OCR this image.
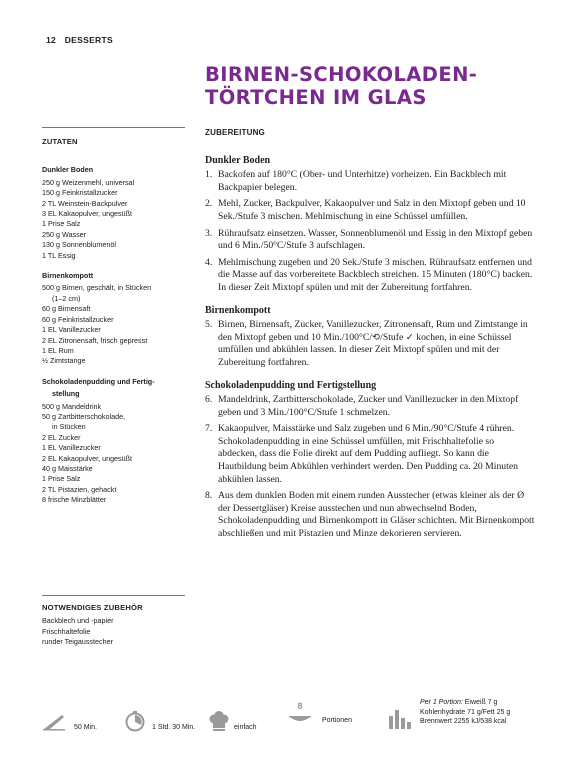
12 DESSERTS
BIRNEN-SCHOKOLADEN-
TÖRTCHEN IM GLAS
ZUTATEN
Dunkler Boden
250 g Weizenmehl, universal
150 g Feinkristallzucker
2 TL Weinstein-Backpulver
3 EL Kakaopulver, ungesüßt
1 Prise Salz
250 g Wasser
130 g Sonnenblumenöl
1 TL Essig
Birnenkompott
500 g Birnen, geschält, in Stücken
(1–2 cm)
60 g Birnensaft
60 g Feinkristallzucker
1 EL Vanillezucker
2 EL Zitronensaft, frisch gepresst
1 EL Rum
½ Zimtstange
Schokoladenpudding und Fertig-
stellung
500 g Mandeldrink
50 g Zartbitterschokolade,
in Stücken
2 EL Zucker
1 EL Vanillezucker
2 EL Kakaopulver, ungesüßt
40 g Maisstärke
1 Prise Salz
2 TL Pistazien, gehackt
8 frische Minzblätter
NOTWENDIGES ZUBEHÖR
Backblech und -papier
Frischhaltefolie
runder Teigausstecher
ZUBEREITUNG
Dunkler Boden
1. Backofen auf 180°C (Ober- und Unterhitze) vorheizen. Ein Backblech mit Backpapier belegen.
2. Mehl, Zucker, Backpulver, Kakaopulver und Salz in den Mixtopf geben und 10 Sek./Stufe 3 mischen. Mehlmischung in eine Schüssel umfüllen.
3. Rühraufsatz einsetzen. Wasser, Sonnenblumenöl und Essig in den Mixtopf geben und 6 Min./50°C/Stufe 3 aufschlagen.
4. Mehlmischung zugeben und 20 Sek./Stufe 3 mischen. Rühraufsatz entfernen und die Masse auf das vorbereitete Backblech streichen. 15 Minuten (180°C) backen. In dieser Zeit Mixtopf spülen und mit der Zubereitung fortfahren.
Birnenkompott
5. Birnen, Birnensaft, Zucker, Vanillezucker, Zitronensaft, Rum und Zimtstange in den Mixtopf geben und 10 Min./100°C/⟲/Stufe ✓ kochen, in eine Schüssel umfüllen und abkühlen lassen. In dieser Zeit Mixtopf spülen und mit der Zubereitung fortfahren.
Schokoladenpudding und Fertigstellung
6. Mandeldrink, Zartbitterschokolade, Zucker und Vanillezucker in den Mixtopf geben und 3 Min./100°C/Stufe 1 schmelzen.
7. Kakaopulver, Maisstärke und Salz zugeben und 6 Min./90°C/Stufe 4 rühren. Schokoladenpudding in eine Schüssel umfüllen, mit Frischhaltefolie so abdecken, dass die Folie direkt auf dem Pudding aufliegt. So kann die Hautbildung beim Abkühlen verhindert werden. Den Pudding ca. 20 Minuten abkühlen lassen.
8. Aus dem dunklen Boden mit einem runden Ausstecher (etwas kleiner als der Ø der Dessertgläser) Kreise ausstechen und nun abwechselnd Boden, Schokoladenpudding und Birnenkompott in Gläser schichten. Mit Birnenkompott abschließen und mit Pistazien und Minze dekorieren servieren.
50 Min.	1 Std. 30 Min.	einfach
8
Portionen
Per 1 Portion: Eiweiß 7 g
Kohlenhydrate 71 g/Fett 25 g
Brennwert 2255 kJ/538 kcal
